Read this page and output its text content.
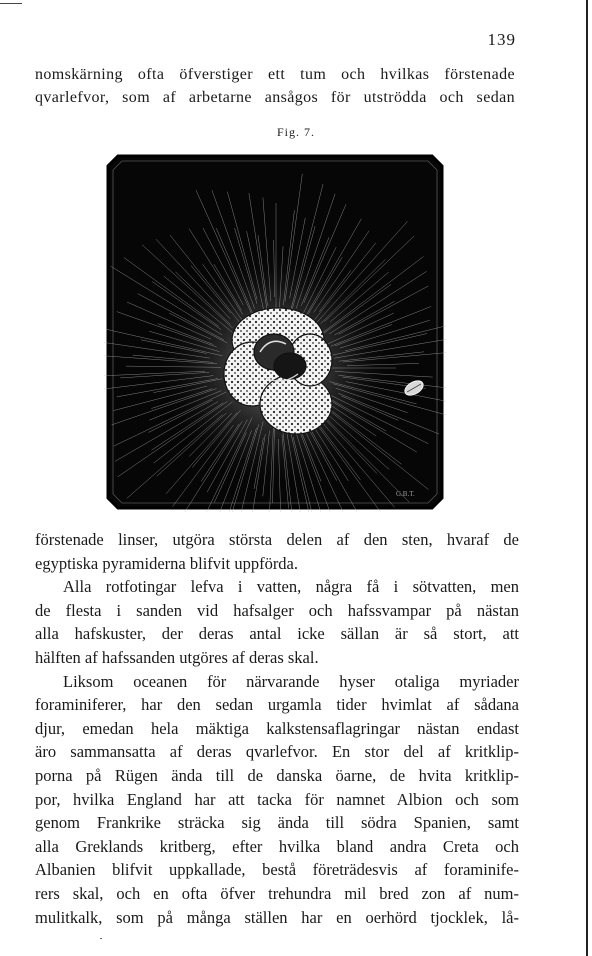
139
nomskärning ofta öfverstiger ett tum och hvilkas förstenade
qvarlefvor, som af arbetarne ansågos för utströdda och sedan
Fig. 7.
G.B.T.
förstenade linser, utgöra största delen af den sten, hvaraf de
egyptiska pyramiderna blifvit uppförda.
Alla rotfotingar lefva i vatten, några få i sötvatten, men
de flesta i sanden vid hafsalger och hafssvampar på nästan
alla hafskuster, der deras antal icke sällan är så stort, att
hälften af hafssanden utgöres af deras skal.
Liksom oceanen för närvarande hyser otaliga myriader
foraminiferer, har den sedan urgamla tider hvimlat af sådana
djur, emedan hela mäktiga kalkstensaflagringar nästan endast
äro sammansatta af deras qvarlefvor. En stor del af kritklip-
porna på Rügen ända till de danska öarne, de hvita kritklip-
por, hvilka England har att tacka för namnet Albion och som
genom Frankrike sträcka sig ända till södra Spanien, samt
alla Greklands kritberg, efter hvilka bland andra Creta och
Albanien blifvit uppkallade, bestå företrädesvis af foraminife-
rers skal, och en ofta öfver trehundra mil bred zon af num-
mulitkalk, som på många ställen har en oerhörd tjocklek, lå-
